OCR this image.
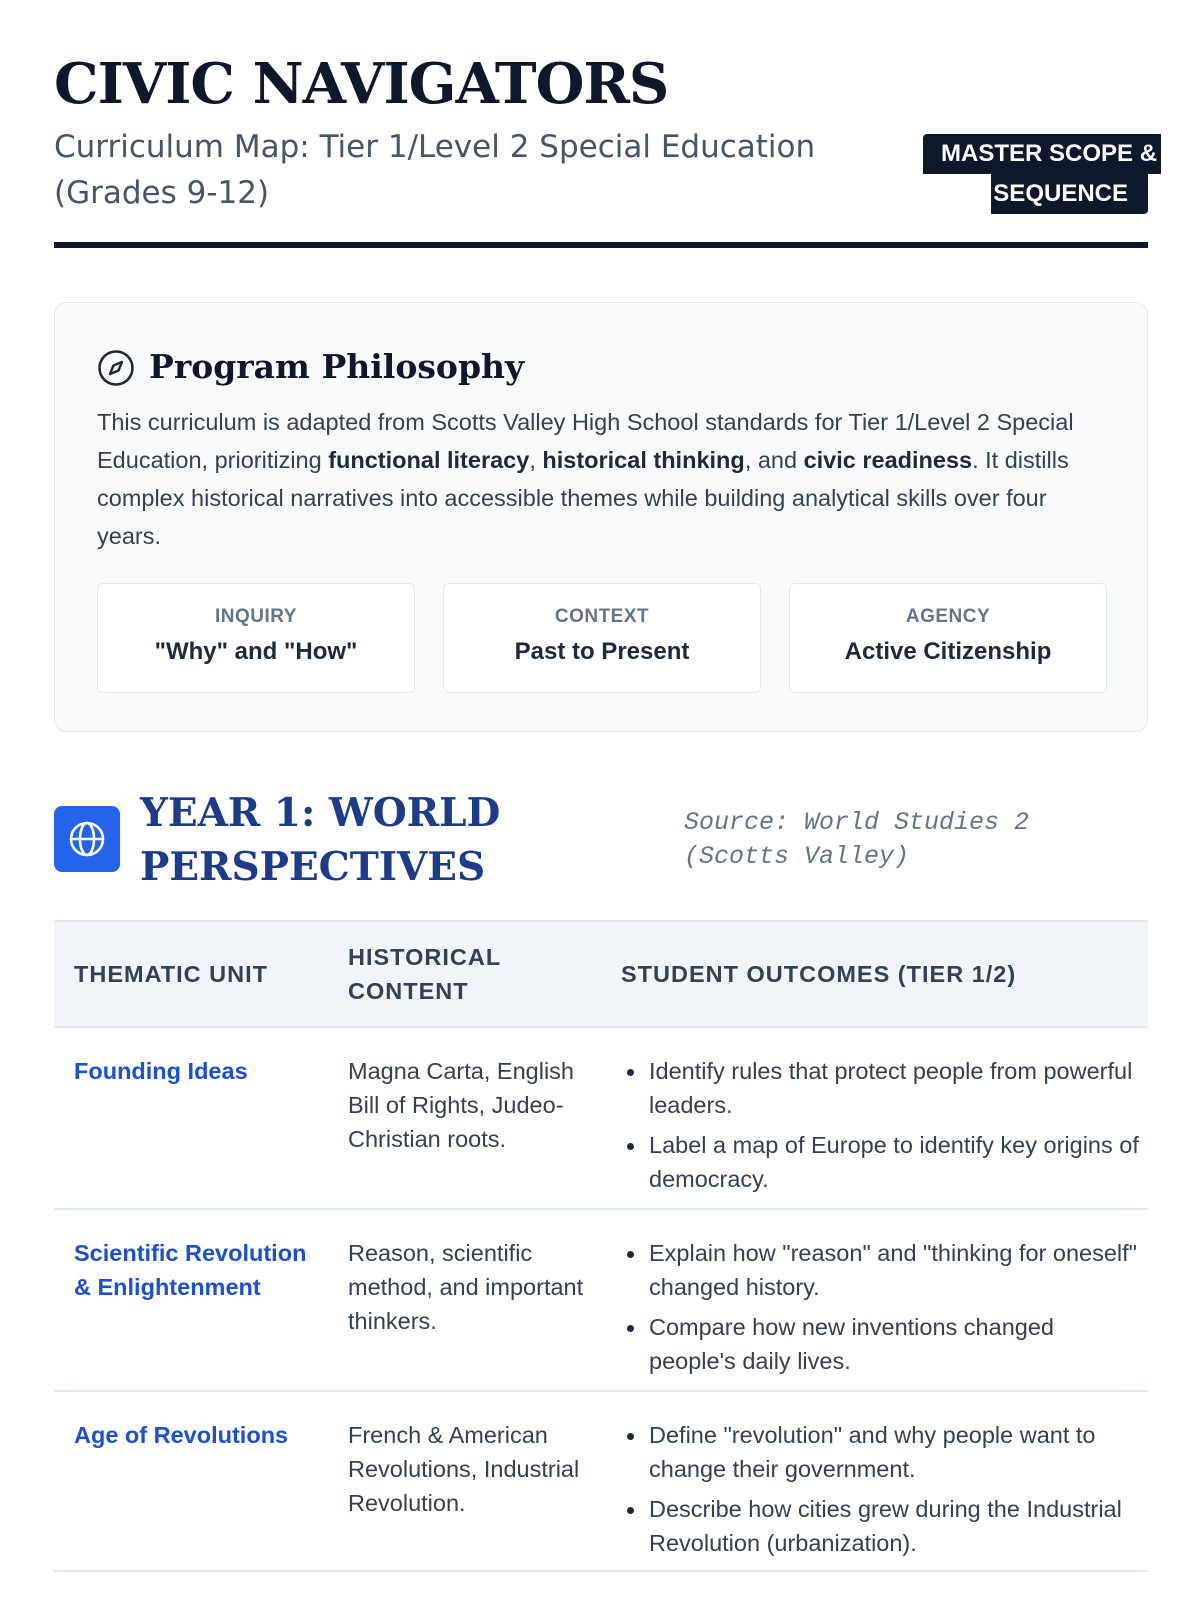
CIVIC NAVIGATORS
Curriculum Map: Tier 1/Level 2 Special Education (Grades 9-12)
MASTER SCOPE &
SEQUENCE
Program Philosophy

This curriculum is adapted from Scotts Valley High School standards for Tier 1/Level 2 Special Education, prioritizing functional literacy, historical thinking, and civic readiness. It distills complex historical narratives into accessible themes while building analytical skills over four years.

INQUIRY
"Why" and "How"
CONTEXT
Past to Present
AGENCY
Active Citizenship
YEAR 1: WORLD PERSPECTIVES
Source: World Studies 2 (Scotts Valley)
THEMATIC UNIT
HISTORICAL CONTENT
STUDENT OUTCOMES (TIER 1/2)
Founding Ideas	Magna Carta, English Bill of Rights, Judeo-Christian roots.
Identify rules that protect people from powerful leaders.
Label a map of Europe to identify key origins of democracy.
Scientific Revolution & Enlightenment
Reason, scientific method, and important thinkers.
Explain how "reason" and "thinking for oneself" changed history.
Compare how new inventions changed people's daily lives.
Age of Revolutions	French & American Revolutions, Industrial Revolution.
Define "revolution" and why people want to change their government.
Describe how cities grew during the Industrial Revolution (urbanization).
